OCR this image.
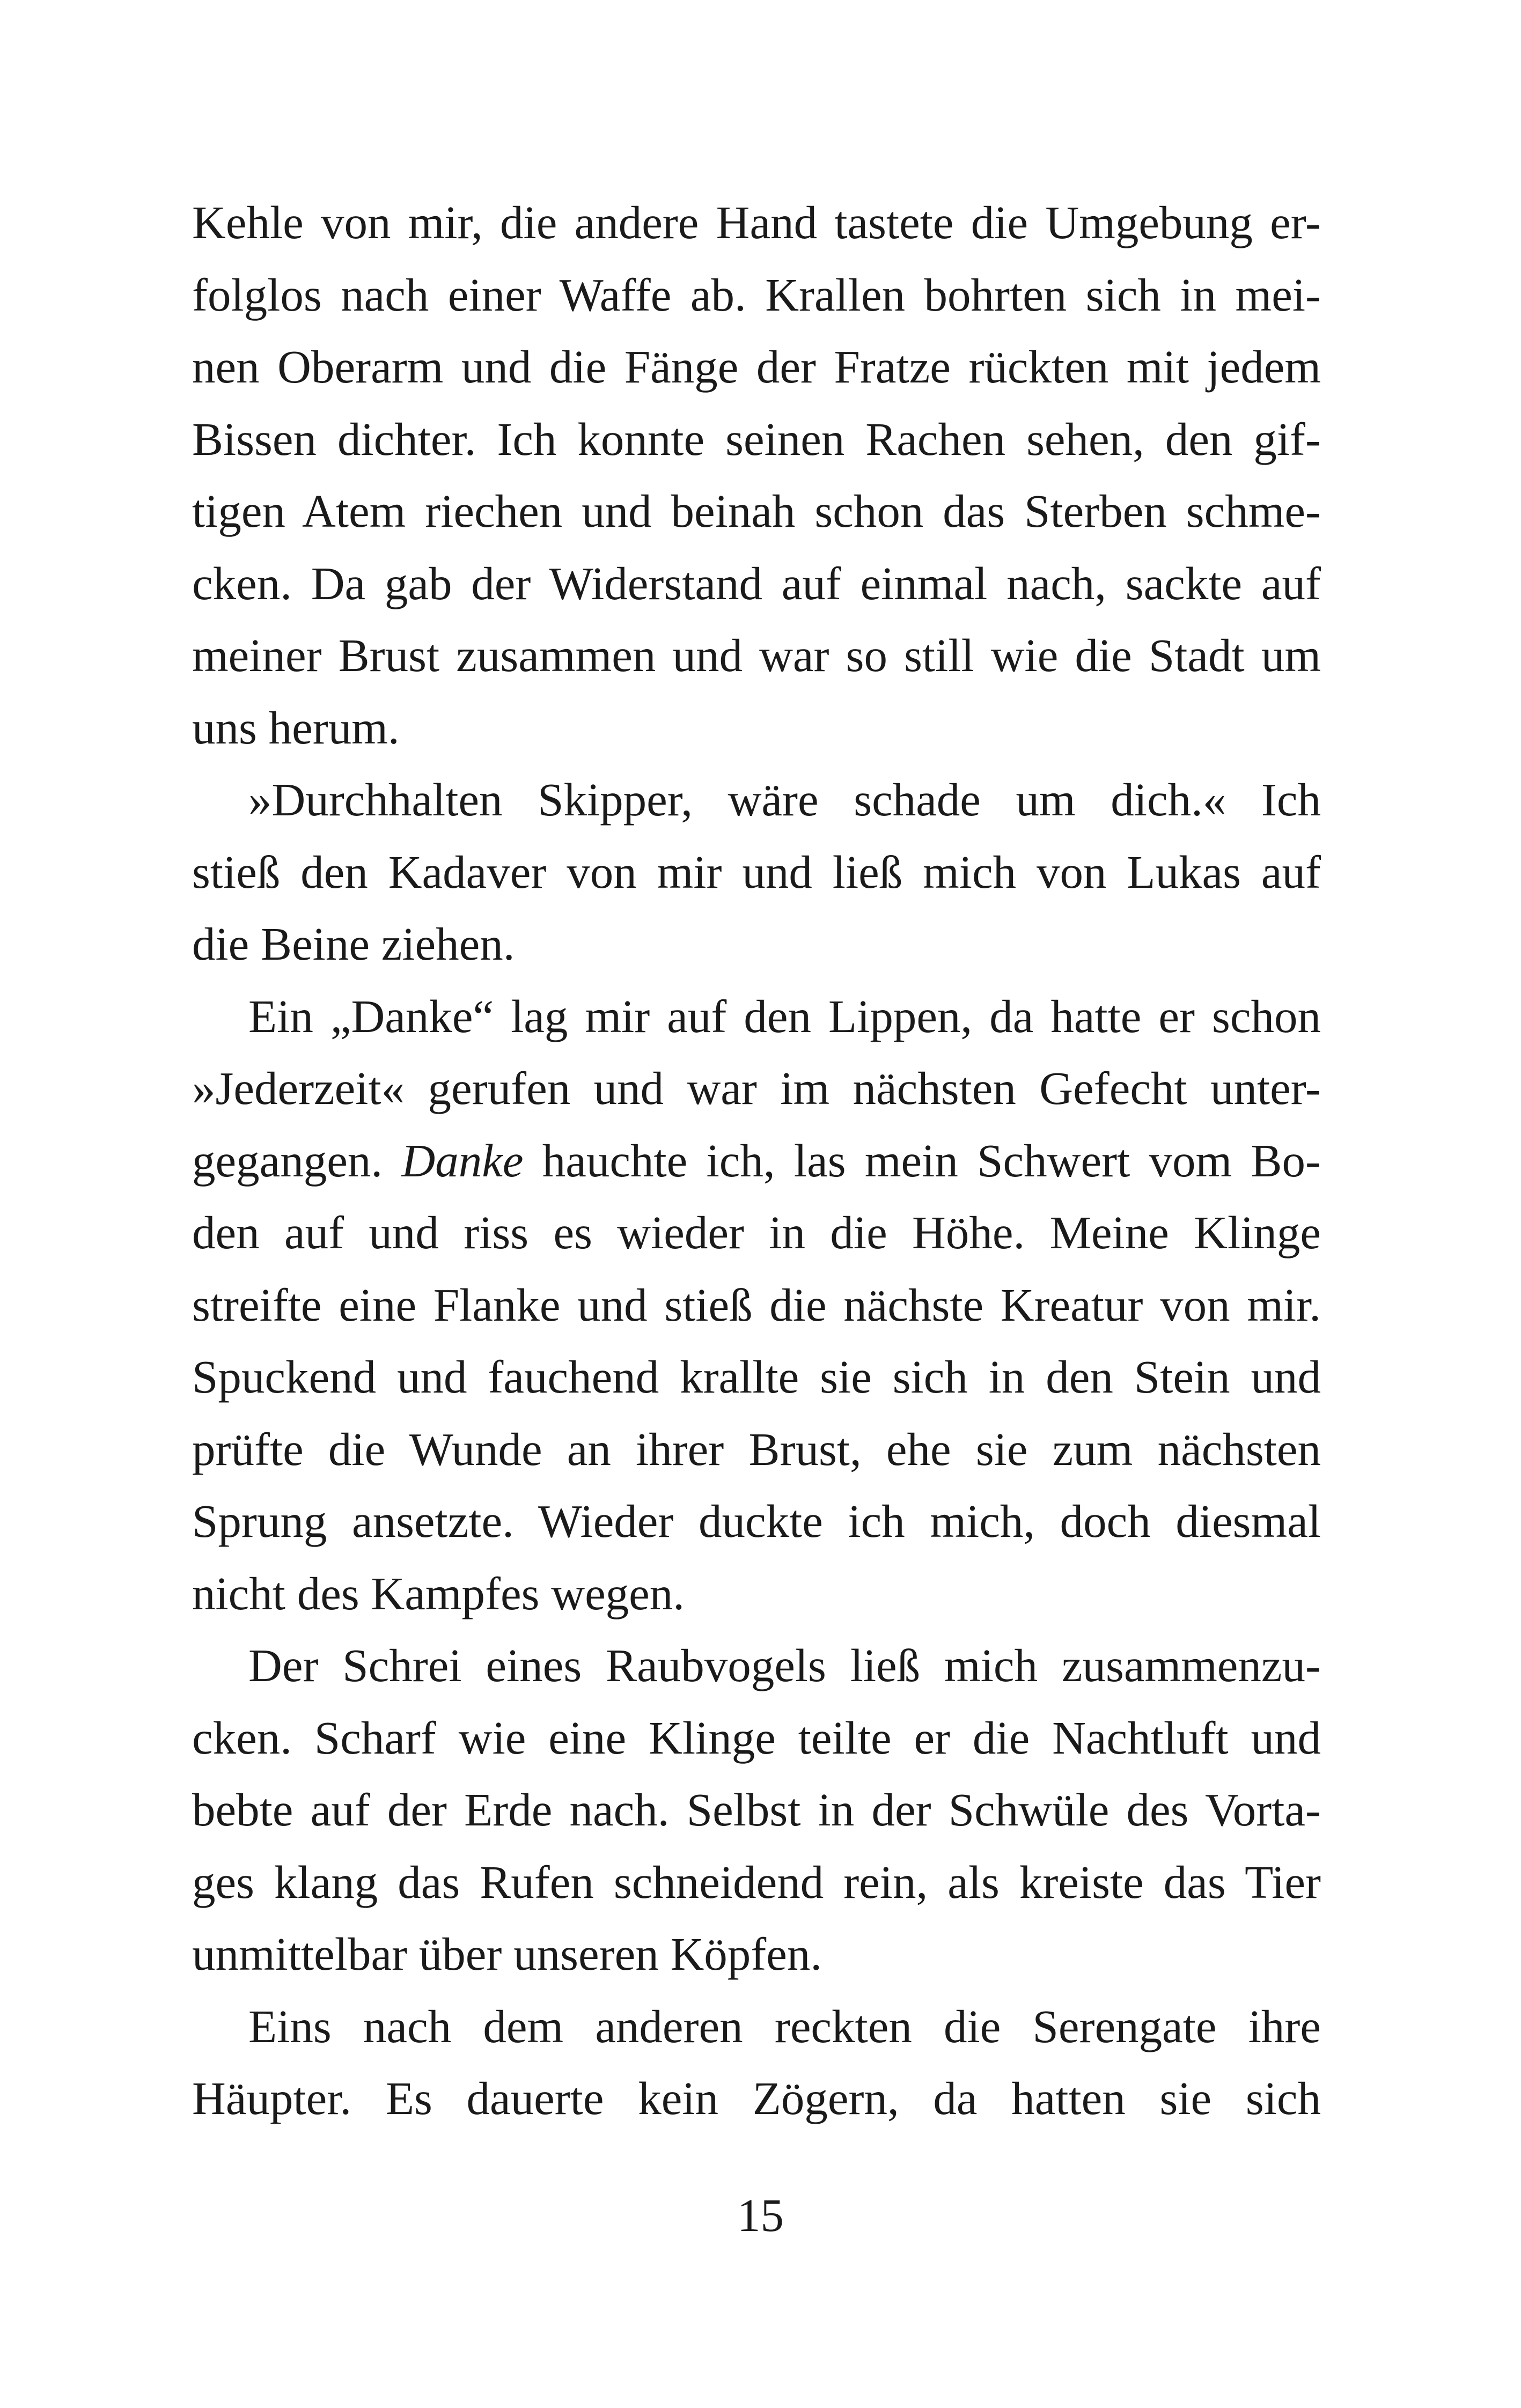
Kehle von mir, die andere Hand tastete die Umgebung er-
folglos nach einer Waffe ab. Krallen bohrten sich in mei-
nen Oberarm und die Fänge der Fratze rückten mit jedem
Bissen dichter. Ich konnte seinen Rachen sehen, den gif-
tigen Atem riechen und beinah schon das Sterben schme-
cken. Da gab der Widerstand auf einmal nach, sackte auf
meiner Brust zusammen und war so still wie die Stadt um
uns herum.
»Durchhalten Skipper, wäre schade um dich.« Ich
stieß den Kadaver von mir und ließ mich von Lukas auf
die Beine ziehen.
Ein „Danke“ lag mir auf den Lippen, da hatte er schon
»Jederzeit« gerufen und war im nächsten Gefecht unter-
gegangen. Danke hauchte ich, las mein Schwert vom Bo-
den auf und riss es wieder in die Höhe. Meine Klinge
streifte eine Flanke und stieß die nächste Kreatur von mir.
Spuckend und fauchend krallte sie sich in den Stein und
prüfte die Wunde an ihrer Brust, ehe sie zum nächsten
Sprung ansetzte. Wieder duckte ich mich, doch diesmal
nicht des Kampfes wegen.
Der Schrei eines Raubvogels ließ mich zusammenzu-
cken. Scharf wie eine Klinge teilte er die Nachtluft und
bebte auf der Erde nach. Selbst in der Schwüle des Vorta-
ges klang das Rufen schneidend rein, als kreiste das Tier
unmittelbar über unseren Köpfen.
Eins nach dem anderen reckten die Serengate ihre
Häupter. Es dauerte kein Zögern, da hatten sie sich
15
